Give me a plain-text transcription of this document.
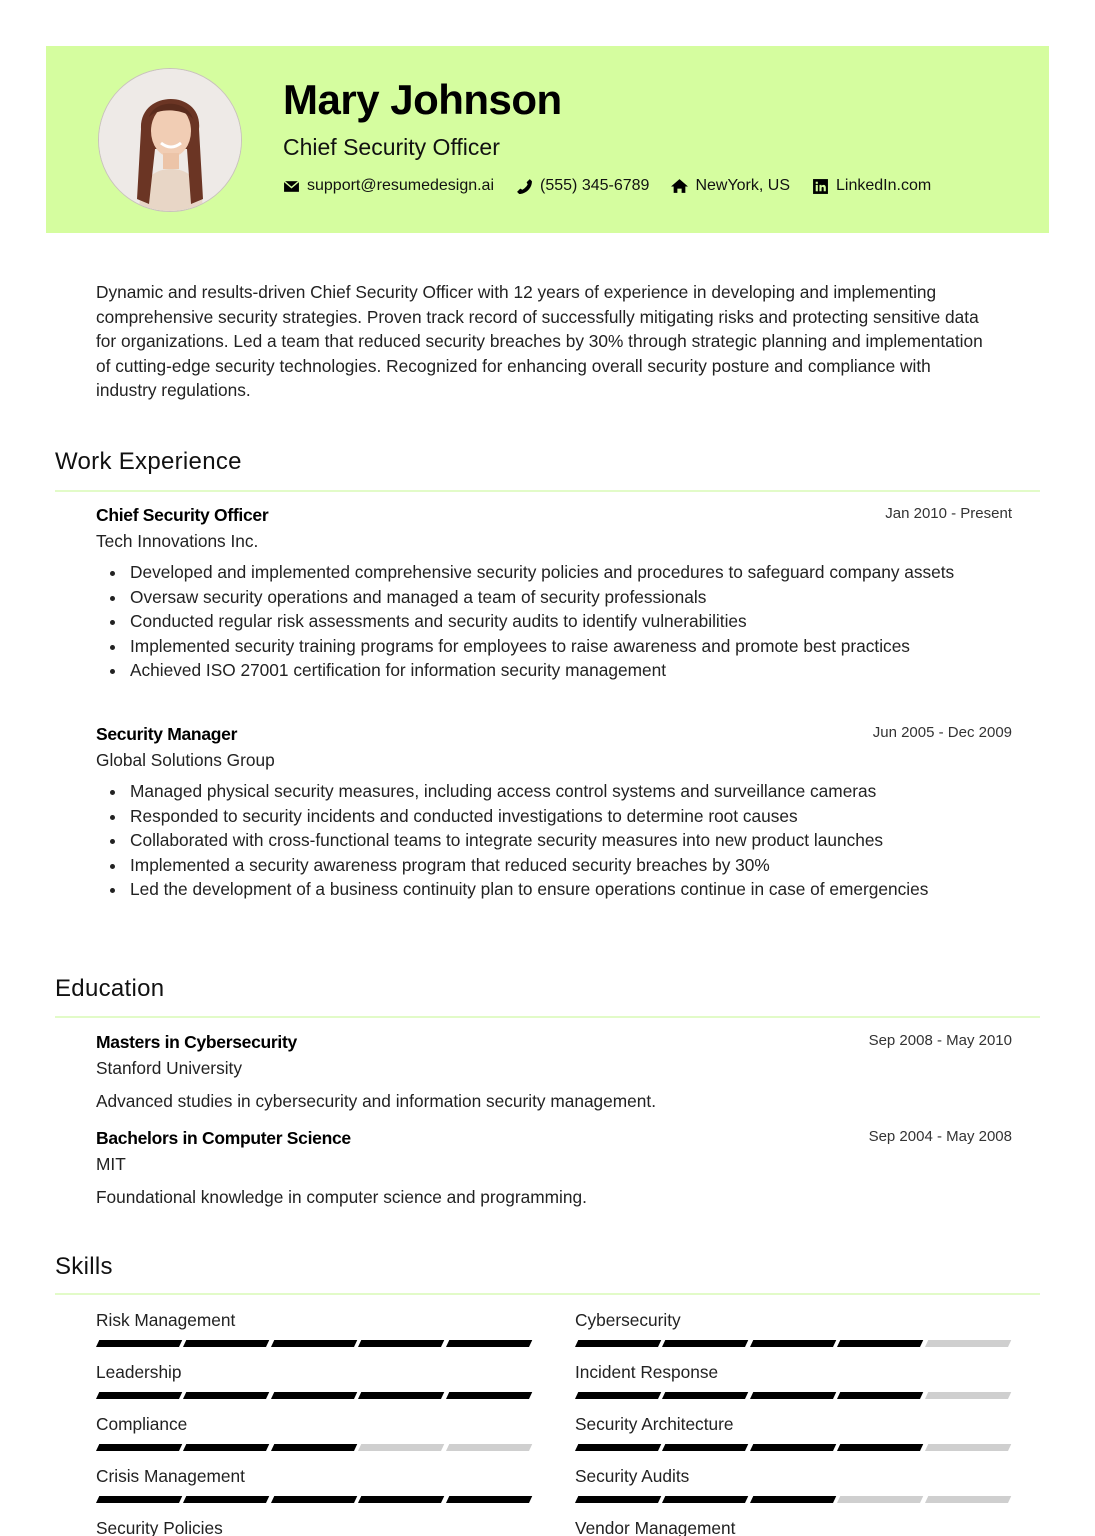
Mary Johnson
Chief Security Officer
support@resumedesign.ai	(555) 345-6789	NewYork, US	LinkedIn.com
Dynamic and results-driven Chief Security Officer with 12 years of experience in developing and implementing comprehensive security strategies. Proven track record of successfully mitigating risks and protecting sensitive data for organizations. Led a team that reduced security breaches by 30% through strategic planning and implementation of cutting-edge security technologies. Recognized for enhancing overall security posture and compliance with industry regulations.
Work Experience
Chief Security Officer	Jan 2010 - Present
Tech Innovations Inc.
Developed and implemented comprehensive security policies and procedures to safeguard company assets
Oversaw security operations and managed a team of security professionals
Conducted regular risk assessments and security audits to identify vulnerabilities
Implemented security training programs for employees to raise awareness and promote best practices
Achieved ISO 27001 certification for information security management
Security Manager	Jun 2005 - Dec 2009
Global Solutions Group
Managed physical security measures, including access control systems and surveillance cameras
Responded to security incidents and conducted investigations to determine root causes
Collaborated with cross-functional teams to integrate security measures into new product launches
Implemented a security awareness program that reduced security breaches by 30%
Led the development of a business continuity plan to ensure operations continue in case of emergencies
Education
Masters in Cybersecurity	Sep 2008 - May 2010
Stanford University
Advanced studies in cybersecurity and information security management.
Bachelors in Computer Science	Sep 2004 - May 2008
MIT
Foundational knowledge in computer science and programming.
Skills
Risk Management	Cybersecurity
Leadership	Incident Response
Compliance	Security Architecture
Crisis Management	Security Audits
Security Policies	Vendor Management
